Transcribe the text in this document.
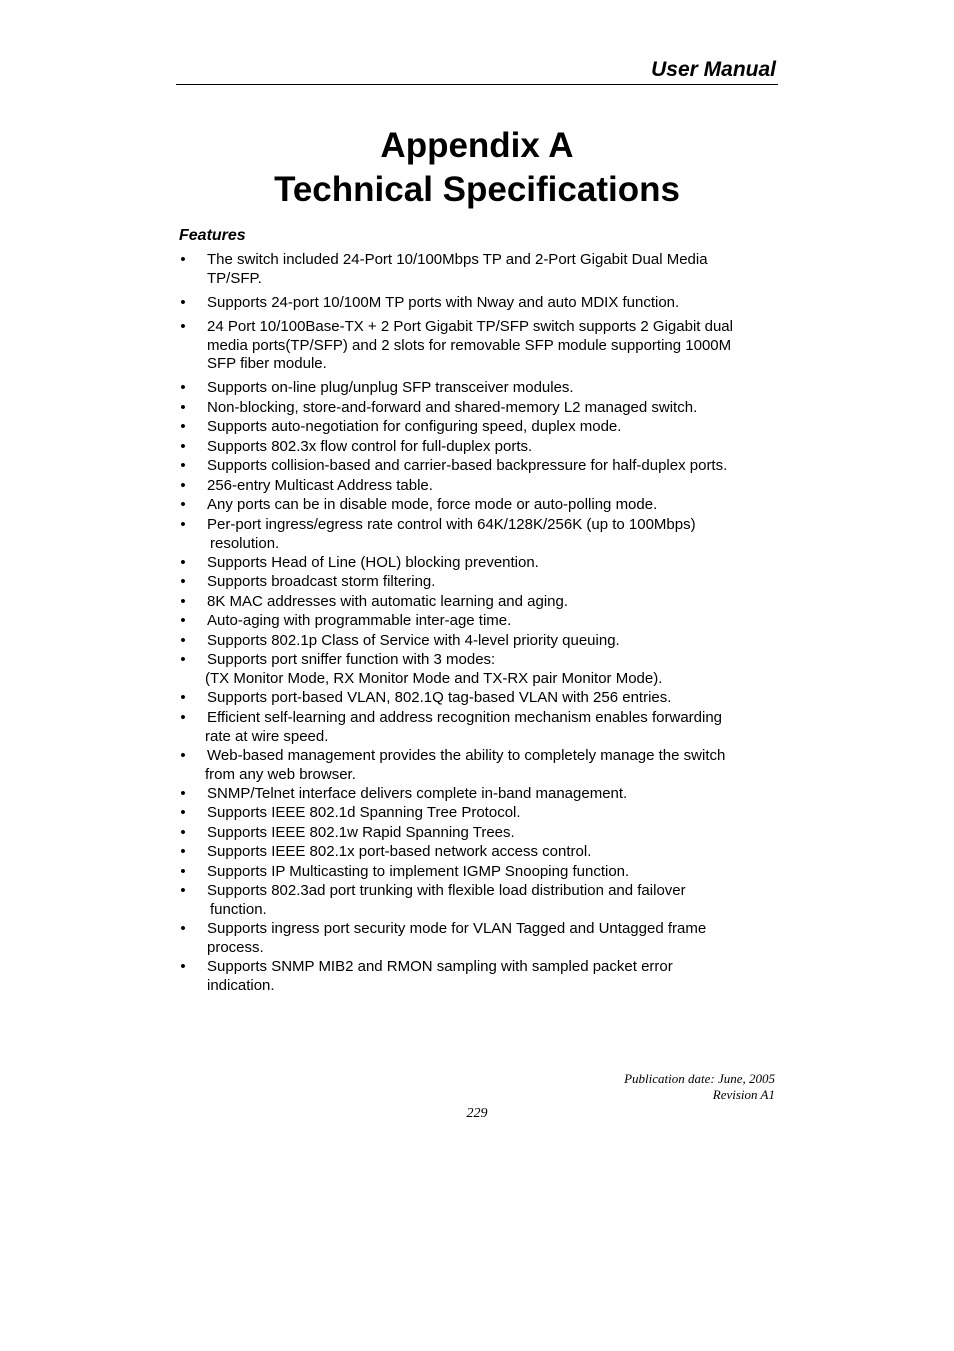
User Manual
Appendix A
Technical Specifications
Features
• The switch included 24-Port 10/100Mbps TP and 2-Port Gigabit Dual Media
TP/SFP.
• Supports 24-port 10/100M TP ports with Nway and auto MDIX function.
• 24 Port 10/100Base-TX + 2 Port Gigabit TP/SFP switch supports 2 Gigabit dual
media ports(TP/SFP) and 2 slots for removable SFP module supporting 1000M
SFP fiber module.
• Supports on-line plug/unplug SFP transceiver modules.
• Non-blocking, store-and-forward and shared-memory L2 managed switch.
• Supports auto-negotiation for configuring speed, duplex mode.
• Supports 802.3x flow control for full-duplex ports.
• Supports collision-based and carrier-based backpressure for half-duplex ports.
• 256-entry Multicast Address table.
• Any ports can be in disable mode, force mode or auto-polling mode.
• Per-port ingress/egress rate control with 64K/128K/256K (up to 100Mbps)
resolution.
• Supports Head of Line (HOL) blocking prevention.
• Supports broadcast storm filtering.
• 8K MAC addresses with automatic learning and aging.
• Auto-aging with programmable inter-age time.
• Supports 802.1p Class of Service with 4-level priority queuing.
• Supports port sniffer function with 3 modes:
(TX Monitor Mode, RX Monitor Mode and TX-RX pair Monitor Mode).
• Supports port-based VLAN, 802.1Q tag-based VLAN with 256 entries.
• Efficient self-learning and address recognition mechanism enables forwarding
rate at wire speed.
• Web-based management provides the ability to completely manage the switch
from any web browser.
• SNMP/Telnet interface delivers complete in-band management.
• Supports IEEE 802.1d Spanning Tree Protocol.
• Supports IEEE 802.1w Rapid Spanning Trees.
• Supports IEEE 802.1x port-based network access control.
• Supports IP Multicasting to implement IGMP Snooping function.
• Supports 802.3ad port trunking with flexible load distribution and failover
function.
• Supports ingress port security mode for VLAN Tagged and Untagged frame
process.
• Supports SNMP MIB2 and RMON sampling with sampled packet error
indication.
Publication date: June, 2005
Revision A1
229
